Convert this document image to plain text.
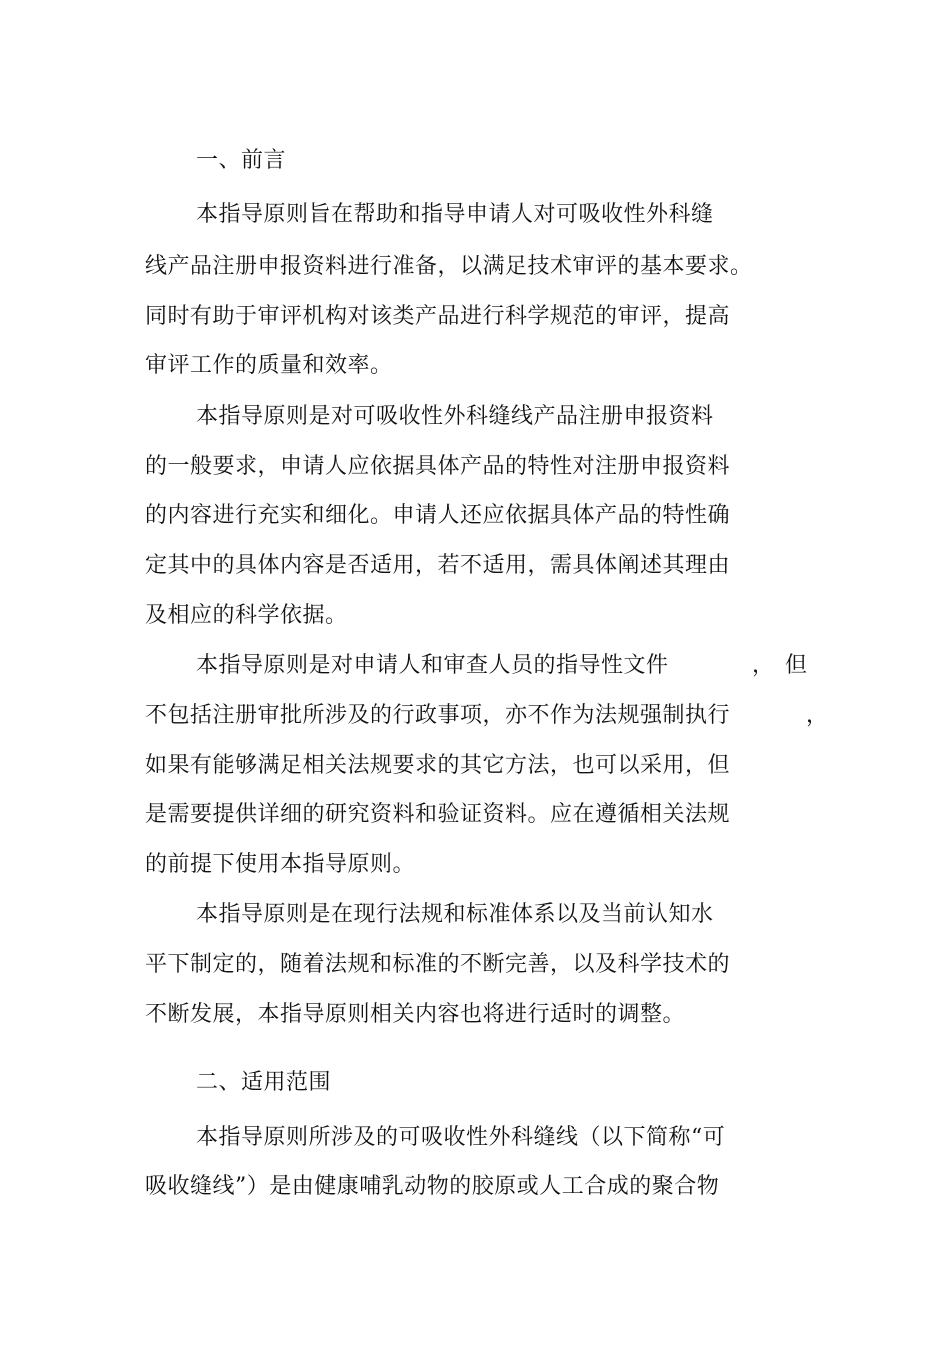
一、前言
本指导原则旨在帮助和指导申请人对可吸收性外科缝
线产品注册申报资料进行准备，以满足技术审评的基本要求。
同时有助于审评机构对该类产品进行科学规范的审评，提高
审评工作的质量和效率。
本指导原则是对可吸收性外科缝线产品注册申报资料
的一般要求，申请人应依据具体产品的特性对注册申报资料
的内容进行充实和细化。申请人还应依据具体产品的特性确
定其中的具体内容是否适用，若不适用，需具体阐述其理由
及相应的科学依据。
本指导原则是对申请人和审查人员的指导性文件	， 但
不包括注册审批所涉及的行政事项，亦不作为法规强制执行	，
如果有能够满足相关法规要求的其它方法，也可以采用，但
是需要提供详细的研究资料和验证资料。应在遵循相关法规
的前提下使用本指导原则。
本指导原则是在现行法规和标准体系以及当前认知水
平下制定的，随着法规和标准的不断完善，以及科学技术的
不断发展，本指导原则相关内容也将进行适时的调整。
二、适用范围
本指导原则所涉及的可吸收性外科缝线（以下简称“可
吸收缝线”）是由健康哺乳动物的胶原或人工合成的聚合物
